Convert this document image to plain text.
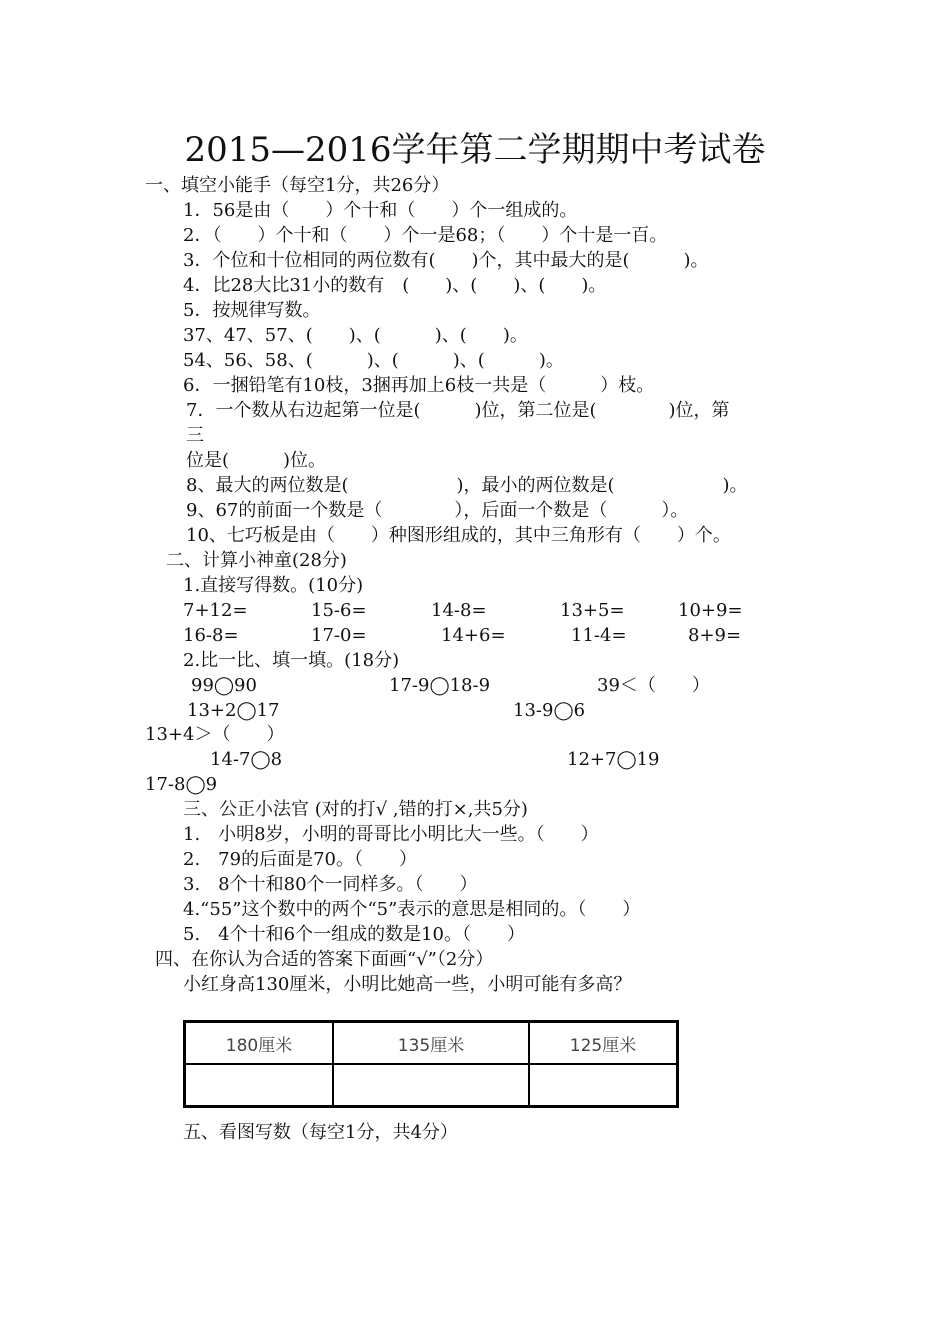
2015—2016学年第二学期期中考试卷
一、填空小能手（每空1分，共26分）
1．56是由（　　）个十和（　　）个一组成的。
2．（　　）个十和（　　）个一是68；（　　）个十是一百。
3．个位和十位相同的两位数有(　　)个，其中最大的是(　　　)。
4．比28大比31小的数有　(　　)、(　　)、(　　)。
5．按规律写数。
37、47、57、(　　)、(　　　)、(　　)。
54、56、58、(　　　)、(　　　)、(　　　)。
6．一捆铅笔有10枝，3捆再加上6枝一共是（　　　）枝。
7．一个数从右边起第一位是(　　　)位，第二位是(　　　　)位，第
三
位是(　　　)位。
8、最大的两位数是(　　　　　　)，最小的两位数是(　　　　　　)。
9、67的前面一个数是（　　　　），后面一个数是（　　　）。
10、七巧板是由（　　）种图形组成的，其中三角形有（　　）个。
二、计算小神童(28分)
1.直接写得数。(10分)
7+12=	15-6=	14-8=	13+5=	10+9=
16-8=	17-0=	14+6=	11-4=	8+9=
2.比一比、填一填。(18分)
99◯90	17-9◯18-9	39＜（　　）
13+2◯17	13-9◯6
13+4＞（　　）
14-7◯8	12+7◯19
17-8◯9
三、公正小法官 (对的打√ ,错的打×,共5分)
1.　小明8岁，小明的哥哥比小明比大一些。（　　）
2.　79的后面是70。（　　）
3.　8个十和80个一同样多。（　　）
4.“55”这个数中的两个“5”表示的意思是相同的。（　　）
5.　4个十和6个一组成的数是10。（　　）
四、在你认为合适的答案下面画“√”（2分）
小红身高130厘米，小明比她高一些，小明可能有多高？
180厘米	135厘米	125厘米

五、看图写数（每空1分，共4分）
